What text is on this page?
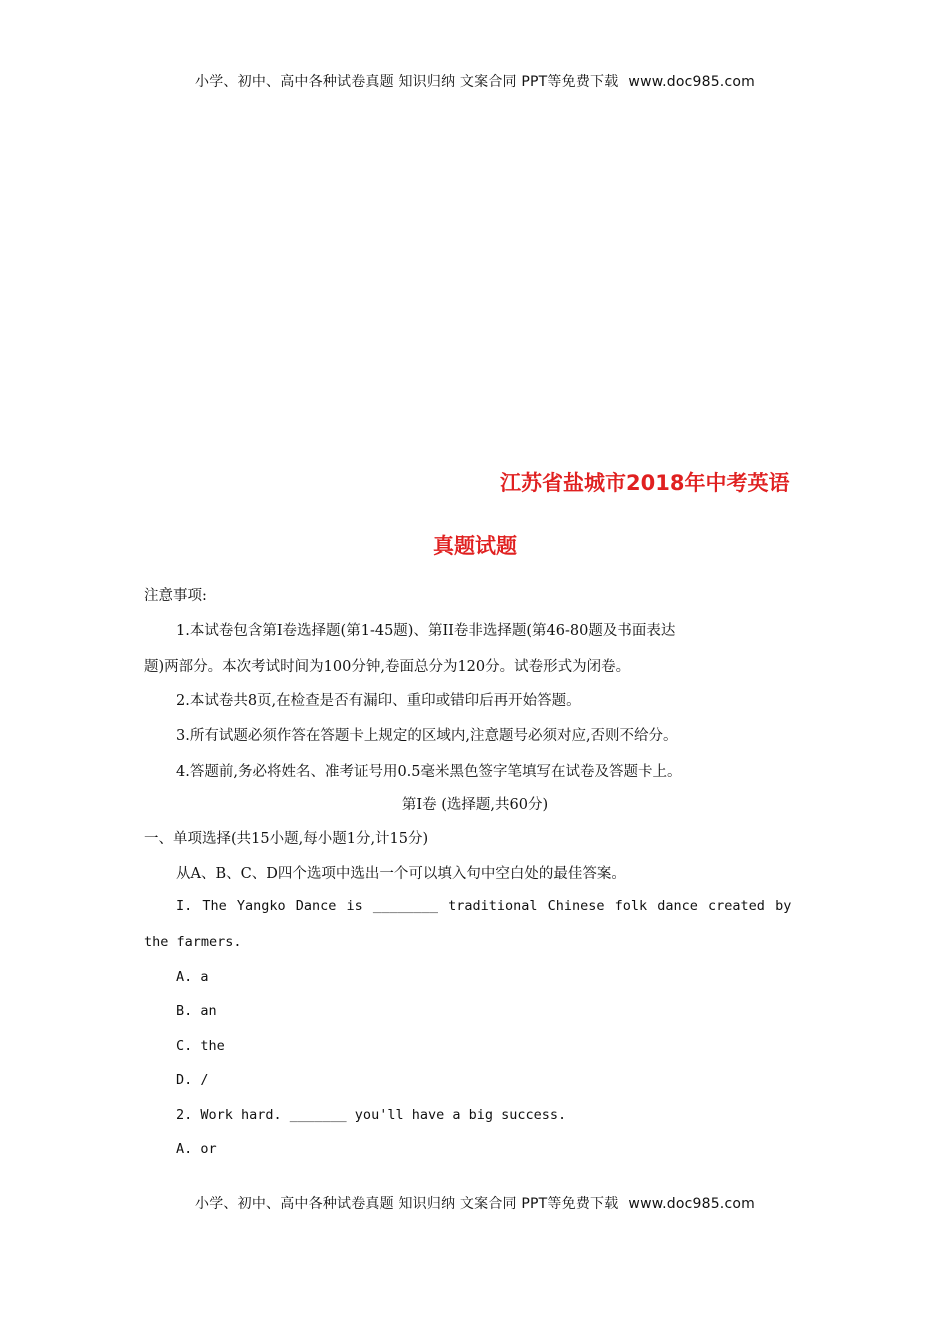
小学、初中、高中各种试卷真题 知识归纳 文案合同 PPT等免费下载 www.doc985.com
江苏省盐城市2018年中考英语
真题试题
注意事项:
1.本试卷包含第I卷选择题(第1-45题)、第II卷非选择题(第46-80题及书面表达
题)两部分。本次考试时间为100分钟,卷面总分为120分。试卷形式为闭卷。
2.本试卷共8页,在检查是否有漏印、重印或错印后再开始答题。
3.所有试题必须作答在答题卡上规定的区域内,注意题号必须对应,否则不给分。
4.答题前,务必将姓名、准考证号用0.5毫米黑色签字笔填写在试卷及答题卡上。
第I卷 (选择题,共60分)
一、单项选择(共15小题,每小题1分,计15分)
从A、B、C、D四个选项中选出一个可以填入句中空白处的最佳答案。
I. The Yangko Dance is ________ traditional Chinese folk dance created by
the farmers.
A. a
B. an
C. the
D. /
2. Work hard. _______ you'll have a big success.
A. or
小学、初中、高中各种试卷真题 知识归纳 文案合同 PPT等免费下载 www.doc985.com
